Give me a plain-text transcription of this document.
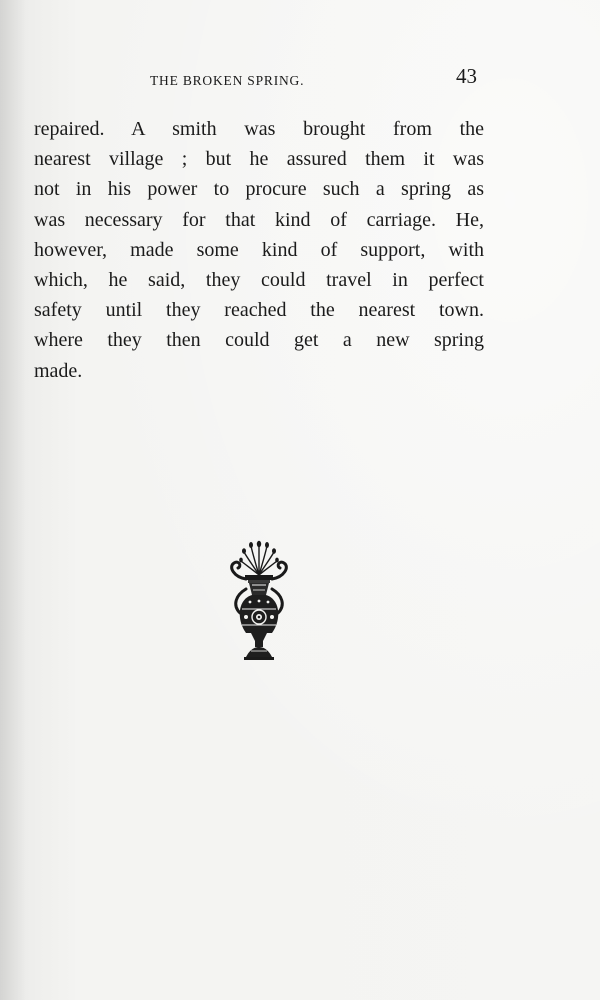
THE BROKEN SPRING.	43
repaired. A smith was brought from the
nearest village ; but he assured them it was
not in his power to procure such a spring as
was necessary for that kind of carriage. He,
however, made some kind of support, with
which, he said, they could travel in perfect
safety until they reached the nearest town.
where they then could get a new spring
made.
